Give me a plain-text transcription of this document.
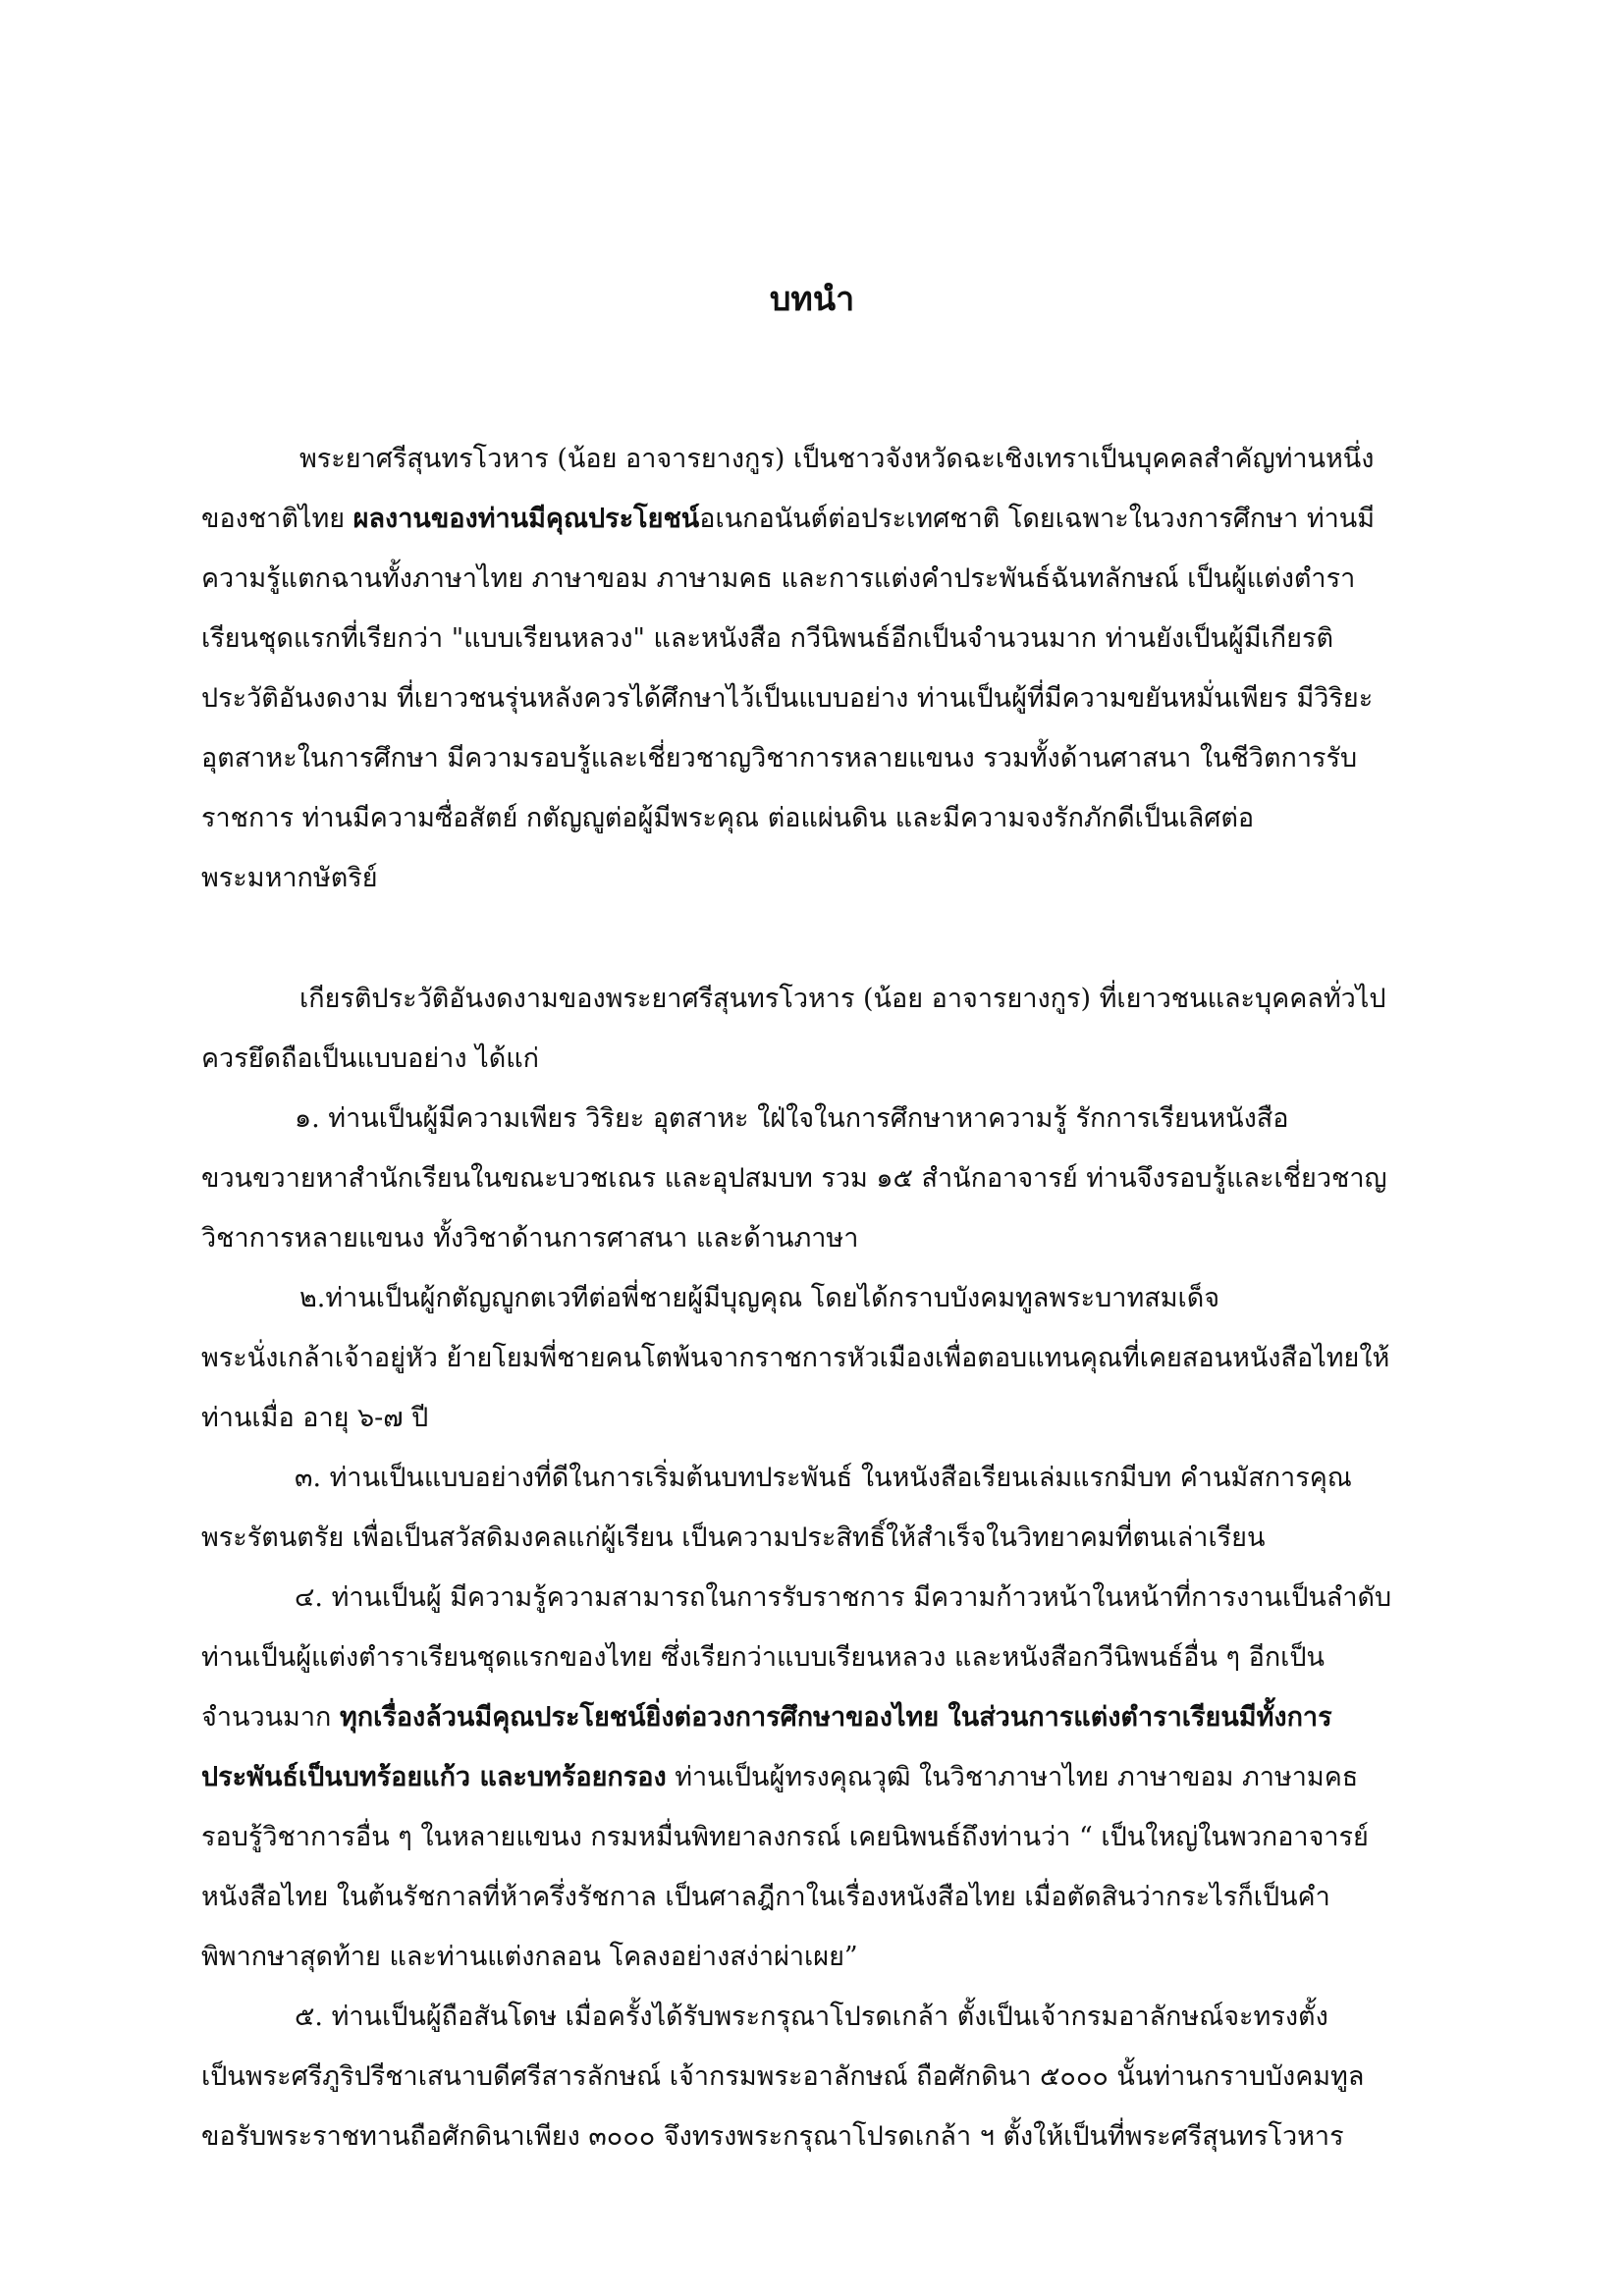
บทนำ
พระยาศรีสุนทรโวหาร (น้อย อาจารยางกูร) เป็นชาวจังหวัดฉะเชิงเทราเป็นบุคคลสำคัญท่านหนึ่ง
ของชาติไทย ผลงานของท่านมีคุณประโยชน์อเนกอนันต์ต่อประเทศชาติ โดยเฉพาะในวงการศึกษา ท่านมี
ความรู้แตกฉานทั้งภาษาไทย ภาษาขอม ภาษามคธ และการแต่งคำประพันธ์ฉันทลักษณ์ เป็นผู้แต่งตำรา
เรียนชุดแรกที่เรียกว่า "แบบเรียนหลวง" และหนังสือ กวีนิพนธ์อีกเป็นจำนวนมาก ท่านยังเป็นผู้มีเกียรติ
ประวัติอันงดงาม ที่เยาวชนรุ่นหลังควรได้ศึกษาไว้เป็นแบบอย่าง ท่านเป็นผู้ที่มีความขยันหมั่นเพียร มีวิริยะ
อุตสาหะในการศึกษา มีความรอบรู้และเชี่ยวชาญวิชาการหลายแขนง รวมทั้งด้านศาสนา ในชีวิตการรับ
ราชการ ท่านมีความซื่อสัตย์ กตัญญูต่อผู้มีพระคุณ ต่อแผ่นดิน และมีความจงรักภักดีเป็นเลิศต่อ
พระมหากษัตริย์
เกียรติประวัติอันงดงามของพระยาศรีสุนทรโวหาร (น้อย อาจารยางกูร) ที่เยาวชนและบุคคลทั่วไป
ควรยึดถือเป็นแบบอย่าง ได้แก่
๑. ท่านเป็นผู้มีความเพียร วิริยะ อุตสาหะ ใฝ่ใจในการศึกษาหาความรู้ รักการเรียนหนังสือ
ขวนขวายหาสำนักเรียนในขณะบวชเณร และอุปสมบท รวม ๑๕ สำนักอาจารย์ ท่านจึงรอบรู้และเชี่ยวชาญ
วิชาการหลายแขนง ทั้งวิชาด้านการศาสนา และด้านภาษา
๒.ท่านเป็นผู้กตัญญูกตเวทีต่อพี่ชายผู้มีบุญคุณ โดยได้กราบบังคมทูลพระบาทสมเด็จ
พระนั่งเกล้าเจ้าอยู่หัว ย้ายโยมพี่ชายคนโตพ้นจากราชการหัวเมืองเพื่อตอบแทนคุณที่เคยสอนหนังสือไทยให้
ท่านเมื่อ อายุ ๖-๗ ปี
๓. ท่านเป็นแบบอย่างที่ดีในการเริ่มต้นบทประพันธ์ ในหนังสือเรียนเล่มแรกมีบท คำนมัสการคุณ
พระรัตนตรัย เพื่อเป็นสวัสดิมงคลแก่ผู้เรียน เป็นความประสิทธิ์ให้สำเร็จในวิทยาคมที่ตนเล่าเรียน
๔. ท่านเป็นผู้ มีความรู้ความสามารถในการรับราชการ มีความก้าวหน้าในหน้าที่การงานเป็นลำดับ
ท่านเป็นผู้แต่งตำราเรียนชุดแรกของไทย ซึ่งเรียกว่าแบบเรียนหลวง และหนังสือกวีนิพนธ์อื่น ๆ อีกเป็น
จำนวนมาก ทุกเรื่องล้วนมีคุณประโยชน์ยิ่งต่อวงการศึกษาของไทย ในส่วนการแต่งตำราเรียนมีทั้งการ
ประพันธ์เป็นบทร้อยแก้ว และบทร้อยกรอง ท่านเป็นผู้ทรงคุณวุฒิ ในวิชาภาษาไทย ภาษาขอม ภาษามคธ
รอบรู้วิชาการอื่น ๆ ในหลายแขนง กรมหมื่นพิทยาลงกรณ์ เคยนิพนธ์ถึงท่านว่า “ เป็นใหญ่ในพวกอาจารย์
หนังสือไทย ในต้นรัชกาลที่ห้าครึ่งรัชกาล เป็นศาลฎีกาในเรื่องหนังสือไทย เมื่อตัดสินว่ากระไรก็เป็นคำ
พิพากษาสุดท้าย และท่านแต่งกลอน โคลงอย่างสง่าผ่าเผย”
๕. ท่านเป็นผู้ถือสันโดษ เมื่อครั้งได้รับพระกรุณาโปรดเกล้า ตั้งเป็นเจ้ากรมอาลักษณ์จะทรงตั้ง
เป็นพระศรีภูริปรีชาเสนาบดีศรีสารลักษณ์ เจ้ากรมพระอาลักษณ์ ถือศักดินา ๕๐๐๐ นั้นท่านกราบบังคมทูล
ขอรับพระราชทานถือศักดินาเพียง ๓๐๐๐ จึงทรงพระกรุณาโปรดเกล้า ฯ ตั้งให้เป็นที่พระศรีสุนทรโวหาร
